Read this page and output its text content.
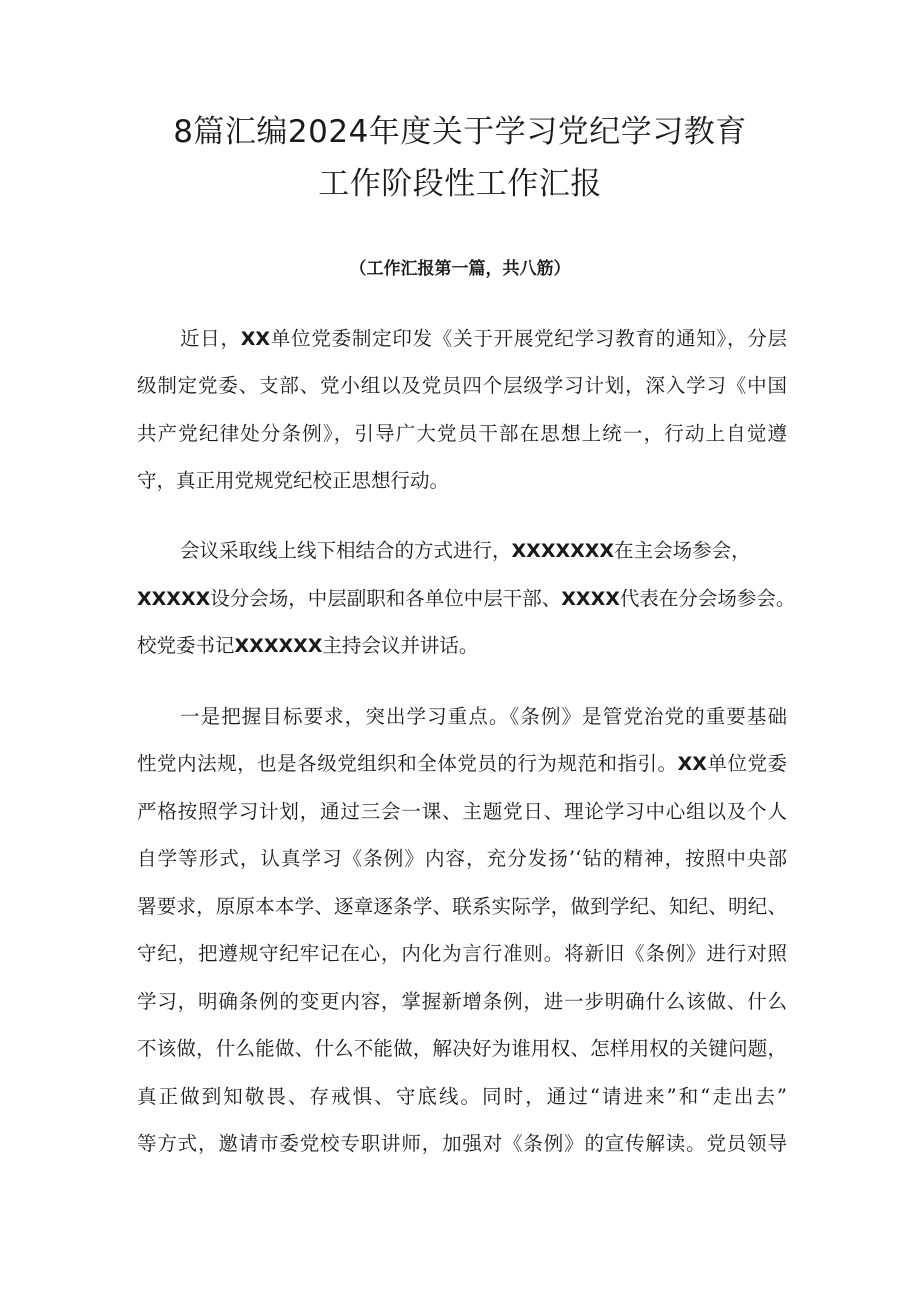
8篇汇编2024年度关于学习党纪学习教育
工作阶段性工作汇报
（工作汇报第一篇，共八筋）
近日，XX单位党委制定印发《关于开展党纪学习教育的通知》，分层
级制定党委、支部、党小组以及党员四个层级学习计划，深入学习《中国
共产党纪律处分条例》，引导广大党员干部在思想上统一，行动上自觉遵
守，真正用党规党纪校正思想行动。
会议采取线上线下相结合的方式进行，XXXXXXX在主会场参会，
XXXXX设分会场，中层副职和各单位中层干部、XXXX代表在分会场参会。
校党委书记XXXXXX主持会议并讲话。
一是把握目标要求，突出学习重点。《条例》是管党治党的重要基础
性党内法规，也是各级党组织和全体党员的行为规范和指引。XX单位党委
严格按照学习计划，通过三会一课、主题党日、理论学习中心组以及个人
自学等形式，认真学习《条例》内容，充分发扬’‘钻的精神，按照中央部
署要求，原原本本学、逐章逐条学、联系实际学，做到学纪、知纪、明纪、
守纪，把遵规守纪牢记在心，内化为言行准则。将新旧《条例》进行对照
学习，明确条例的变更内容，掌握新增条例，进一步明确什么该做、什么
不该做，什么能做、什么不能做，解决好为谁用权、怎样用权的关键问题，
真正做到知敬畏、存戒惧、守底线。同时，通过“请进来”和“走出去”
等方式，邀请市委党校专职讲师，加强对《条例》的宣传解读。党员领导
